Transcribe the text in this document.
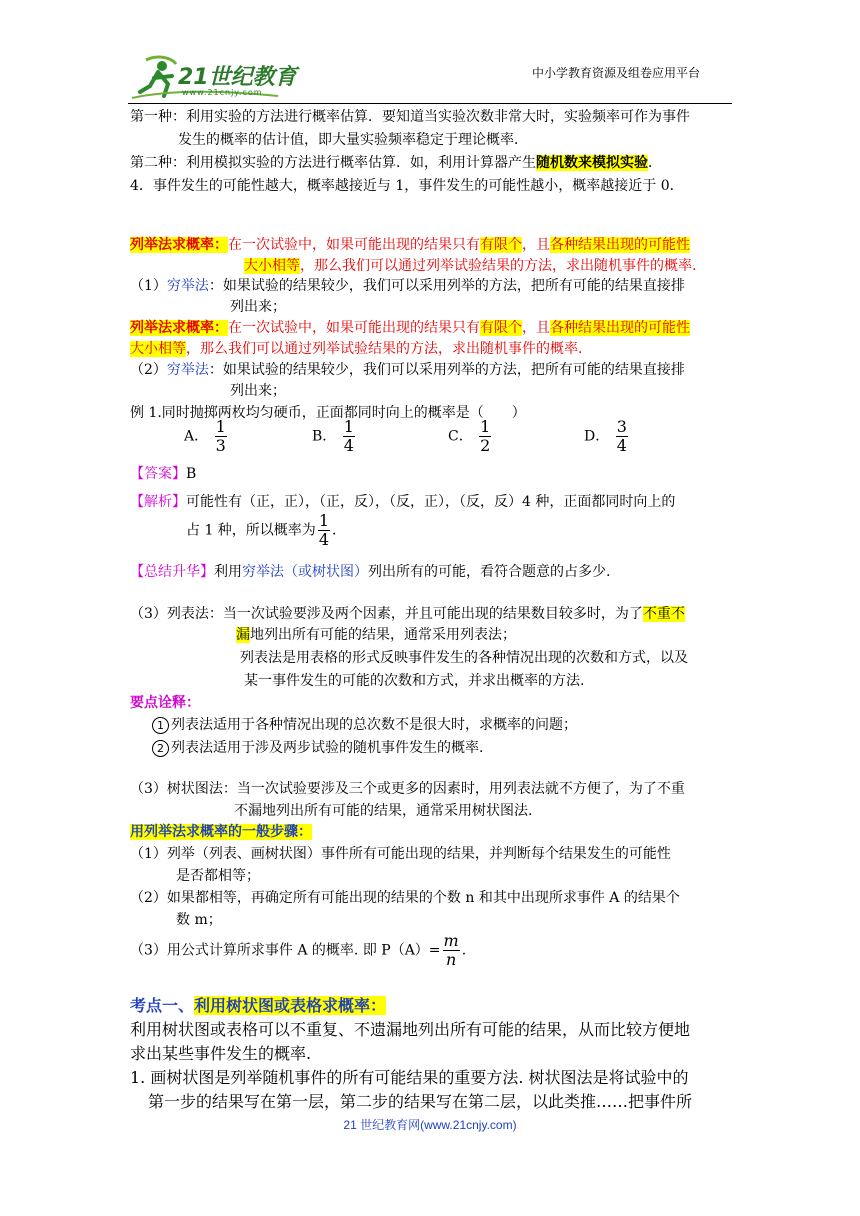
21世纪教育
www.21cnjy.com
中小学教育资源及组卷应用平台
第一种：利用实验的方法进行概率估算．要知道当实验次数非常大时，实验频率可作为事件
发生的概率的估计值，即大量实验频率稳定于理论概率．
第二种：利用模拟实验的方法进行概率估算．如，利用计算器产生随机数来模拟实验．
4．事件发生的可能性越大，概率越接近与 1，事件发生的可能性越小，概率越接近于 0．
列举法求概率：在一次试验中，如果可能出现的结果只有有限个，且各种结果出现的可能性
大小相等，那么我们可以通过列举试验结果的方法，求出随机事件的概率.
（1）穷举法：如果试验的结果较少，我们可以采用列举的方法，把所有可能的结果直接排
列出来；
列举法求概率：在一次试验中，如果可能出现的结果只有有限个，且各种结果出现的可能性
大小相等，那么我们可以通过列举试验结果的方法，求出随机事件的概率.
（2）穷举法：如果试验的结果较少，我们可以采用列举的方法，把所有可能的结果直接排
列出来；
例 1.同时抛掷两枚均匀硬币，正面都同时向上的概率是（　　）
A． $\frac{1}{3}$	B． $\frac{1}{4}$	C． $\frac{1}{2}$	D． $\frac{3}{4}$
【答案】B
【解析】可能性有（正，正），（正，反），（反，正），（反，反）4 种，正面都同时向上的
占 1 种，所以概率为 $\frac{1}{4}$ ．
【总结升华】利用穷举法（或树状图）列出所有的可能，看符合题意的占多少.
（3）列表法：当一次试验要涉及两个因素，并且可能出现的结果数目较多时，为了不重不
漏地列出所有可能的结果，通常采用列表法；
列表法是用表格的形式反映事件发生的各种情况出现的次数和方式，以及
某一事件发生的可能的次数和方式，并求出概率的方法.
要点诠释：
1 列表法适用于各种情况出现的总次数不是很大时，求概率的问题；
2 列表法适用于涉及两步试验的随机事件发生的概率.
（3）树状图法：当一次试验要涉及三个或更多的因素时，用列表法就不方便了，为了不重
不漏地列出所有可能的结果，通常采用树状图法.
用列举法求概率的一般步骤：
（1）列举（列表、画树状图）事件所有可能出现的结果，并判断每个结果发生的可能性
是否都相等；
（2）如果都相等，再确定所有可能出现的结果的个数 n 和其中出现所求事件 A 的结果个
数 m；
（3）用公式计算所求事件 A 的概率. 即 $P(A)= \frac{m}{n}$ .
考点一、利用树状图或表格求概率：
利用树状图或表格可以不重复、不遗漏地列出所有可能的结果，从而比较方便地
求出某些事件发生的概率.
1. 画树状图是列举随机事件的所有可能结果的重要方法. 树状图法是将试验中的
第一步的结果写在第一层，第二步的结果写在第二层，以此类推……把事件所
21 世纪教育网(www.21cnjy.com)
